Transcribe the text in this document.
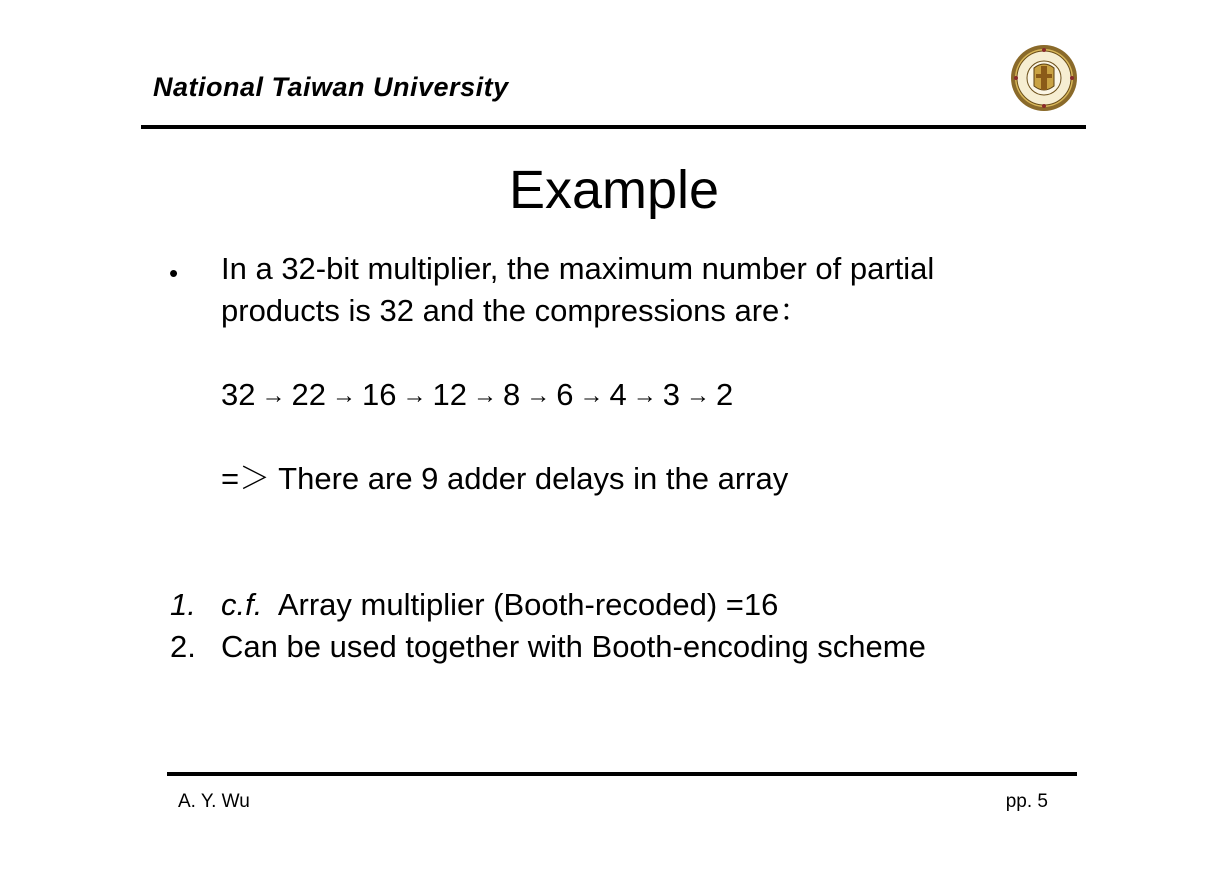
National Taiwan University
Example
• In a 32-bit multiplier, the maximum number of partial
products is 32 and the compressions are：
32 → 22 → 16 → 12 → 8 → 6 → 4 → 3 → 2
=＞ There are 9 adder delays in the array
1. c.f. Array multiplier (Booth-recoded) =16
2. Can be used together with Booth-encoding scheme
A. Y. Wu	pp. 5
